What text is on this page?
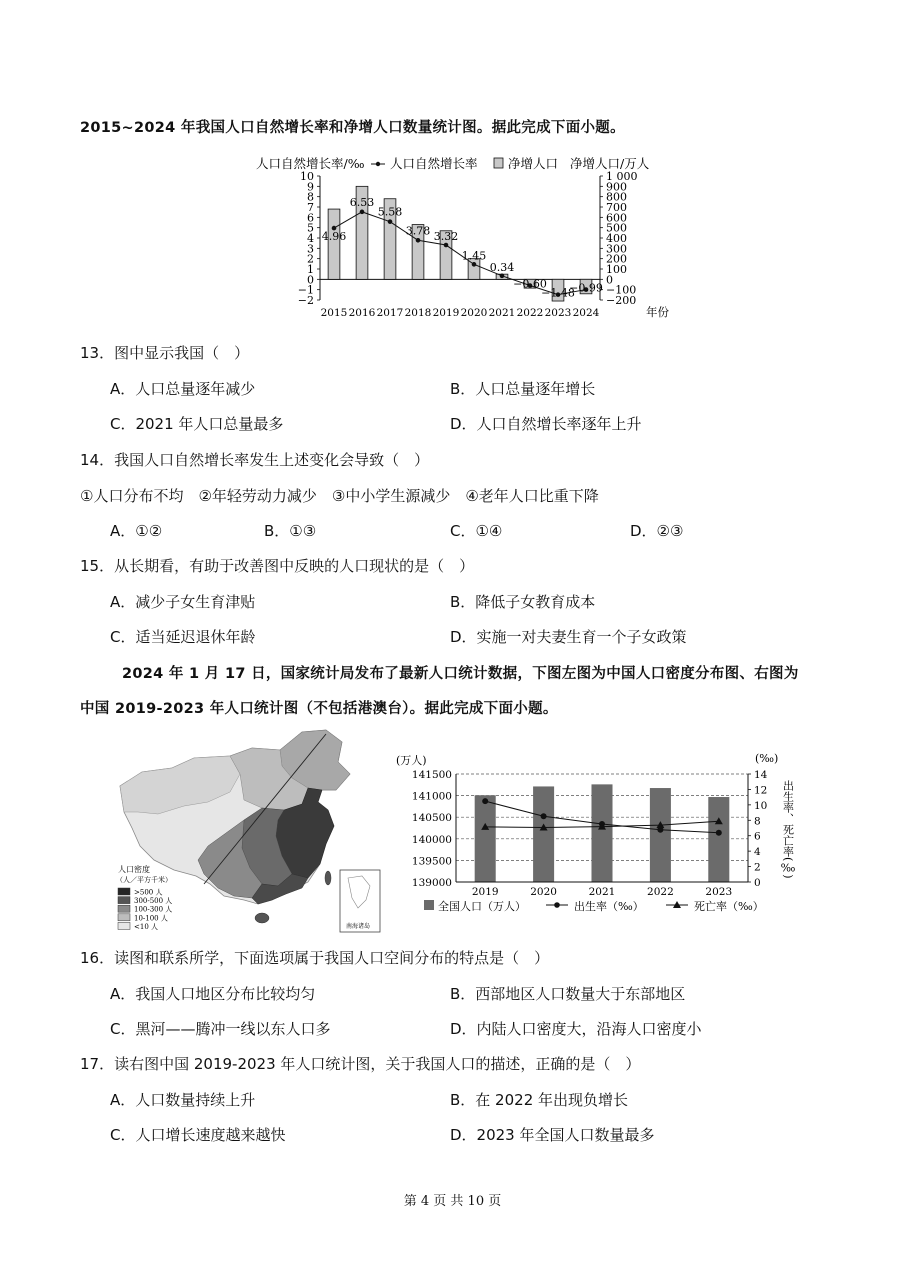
2015~2024 年我国人口自然增长率和净增人口数量统计图。据此完成下面小题。
−2
−1
0
1
2
3
4
5
6
7
8
9
10
−200
−100
0
100
200
300
400
500
600
700
800
900
1 000
2015 2016 2017 2018 2019 2020 2021 2022 2023 2024
4.96
6.53
5.58
3.78 3.32
1.45
0.34
−0.60
−1.48
−0.99
人口自然增长率/‰ 人口自然增长率 净增人口 净增人口/万人
年份
13．图中显示我国（　）
A．人口总量逐年减少	B．人口总量逐年增长
C．2021 年人口总量最多	D．人口自然增长率逐年上升
14．我国人口自然增长率发生上述变化会导致（　）
①人口分布不均　②年轻劳动力减少　③中小学生源减少　④老年人口比重下降
A．①②	B．①③	C．①④	D．②③
15．从长期看，有助于改善图中反映的人口现状的是（　）
A．减少子女生育津贴	B．降低子女教育成本
C．适当延迟退休年龄	D．实施一对夫妻生育一个子女政策
2024 年 1 月 17 日，国家统计局发布了最新人口统计数据，下图左图为中国人口密度分布图、右图为
中国 2019-2023 年人口统计图（不包括港澳台）。据此完成下面小题。
人口密度
（人／平方千米）
>500 人
300-500 人
100-300 人
10-100 人
<10 人	南海诸岛
(万人)	(‰)
出生率、死亡率(‰)
139000
139500
140000
140500
141000
141500
0
2
4
6
8
10
12
14
2019	2020	2021	2022	2023
全国人口（万人）	出生率（‰）	死亡率（‰）
16．读图和联系所学，下面选项属于我国人口空间分布的特点是（　）
A．我国人口地区分布比较均匀	B．西部地区人口数量大于东部地区
C．黑河——腾冲一线以东人口多	D．内陆人口密度大，沿海人口密度小
17．读右图中国 2019-2023 年人口统计图，关于我国人口的描述，正确的是（　）
A．人口数量持续上升	B．在 2022 年出现负增长
C．人口增长速度越来越快	D．2023 年全国人口数量最多
第 4 页 共 10 页
